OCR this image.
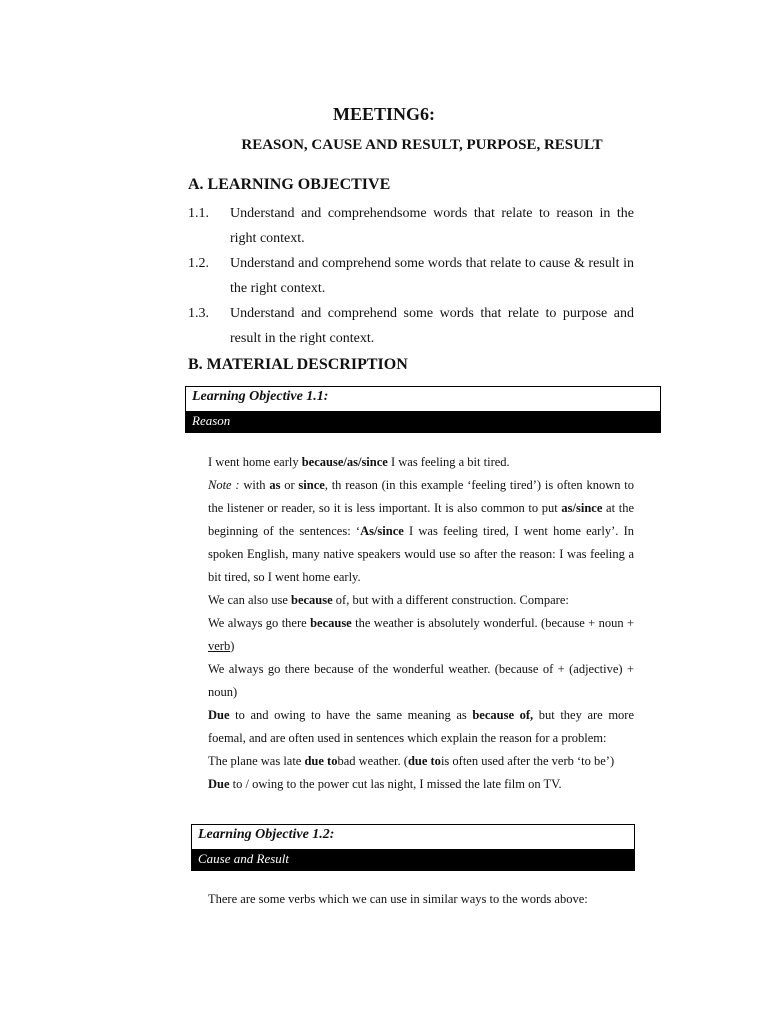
MEETING6:
REASON, CAUSE AND RESULT, PURPOSE, RESULT
A. LEARNING OBJECTIVE
1.1. Understand and comprehendsome words that relate to reason in the right context.
1.2. Understand and comprehend some words that relate to cause & result in the right context.
1.3. Understand and comprehend some words that relate to purpose and result in the right context.
B. MATERIAL DESCRIPTION
Learning Objective 1.1:
Reason

I went home early because/as/since I was feeling a bit tired.

Note : with as or since, th reason (in this example ‘feeling tired’) is often known to the listener or reader, so it is less important. It is also common to put as/since at the beginning of the sentences: ‘As/since I was feeling tired, I went home early’. In spoken English, many native speakers would use so after the reason: I was feeling a bit tired, so I went home early.

We can also use because of, but with a different construction. Compare:

We always go there because the weather is absolutely wonderful. (because + noun + verb)

We always go there because of the wonderful weather. (because of + (adjective) + noun)

Due to and owing to have the same meaning as because of, but they are more foemal, and are often used in sentences which explain the reason for a problem:

The plane was late due tobad weather. (due tois often used after the verb ‘to be’)

Due to / owing to the power cut las night, I missed the late film on TV.

Learning Objective 1.2:
Cause and Result
There are some verbs which we can use in similar ways to the words above:
